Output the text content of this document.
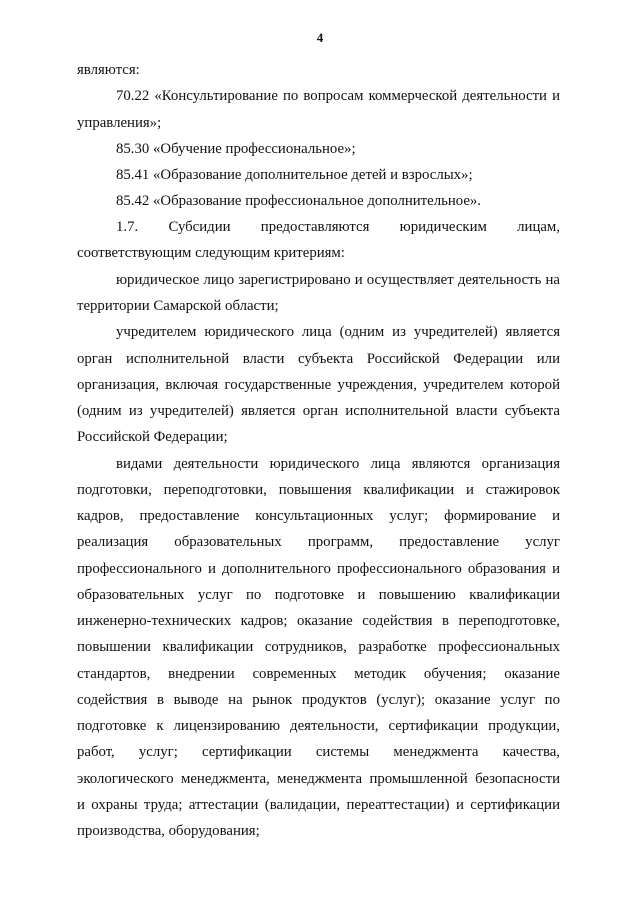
4
являются:
70.22 «Консультирование по вопросам коммерческой деятельности и
управления»;
85.30 «Обучение профессиональное»;
85.41 «Образование дополнительное детей и взрослых»;
85.42 «Образование профессиональное дополнительное».
1.7. Субсидии предоставляются юридическим лицам,
соответствующим следующим критериям:
юридическое лицо зарегистрировано и осуществляет деятельность на
территории Самарской области;
учредителем юридического лица (одним из учредителей) является
орган исполнительной власти субъекта Российской Федерации или
организация, включая государственные учреждения, учредителем которой
(одним из учредителей) является орган исполнительной власти субъекта
Российской Федерации;
видами деятельности юридического лица являются организация
подготовки, переподготовки, повышения квалификации и стажировок
кадров, предоставление консультационных услуг; формирование и
реализация образовательных программ, предоставление услуг
профессионального и дополнительного профессионального образования и
образовательных услуг по подготовке и повышению квалификации
инженерно-технических кадров; оказание содействия в переподготовке,
повышении квалификации сотрудников, разработке профессиональных
стандартов, внедрении современных методик обучения; оказание
содействия в выводе на рынок продуктов (услуг); оказание услуг по
подготовке к лицензированию деятельности, сертификации продукции,
работ, услуг; сертификации системы менеджмента качества,
экологического менеджмента, менеджмента промышленной безопасности
и охраны труда; аттестации (валидации, переаттестации) и сертификации
производства, оборудования;
